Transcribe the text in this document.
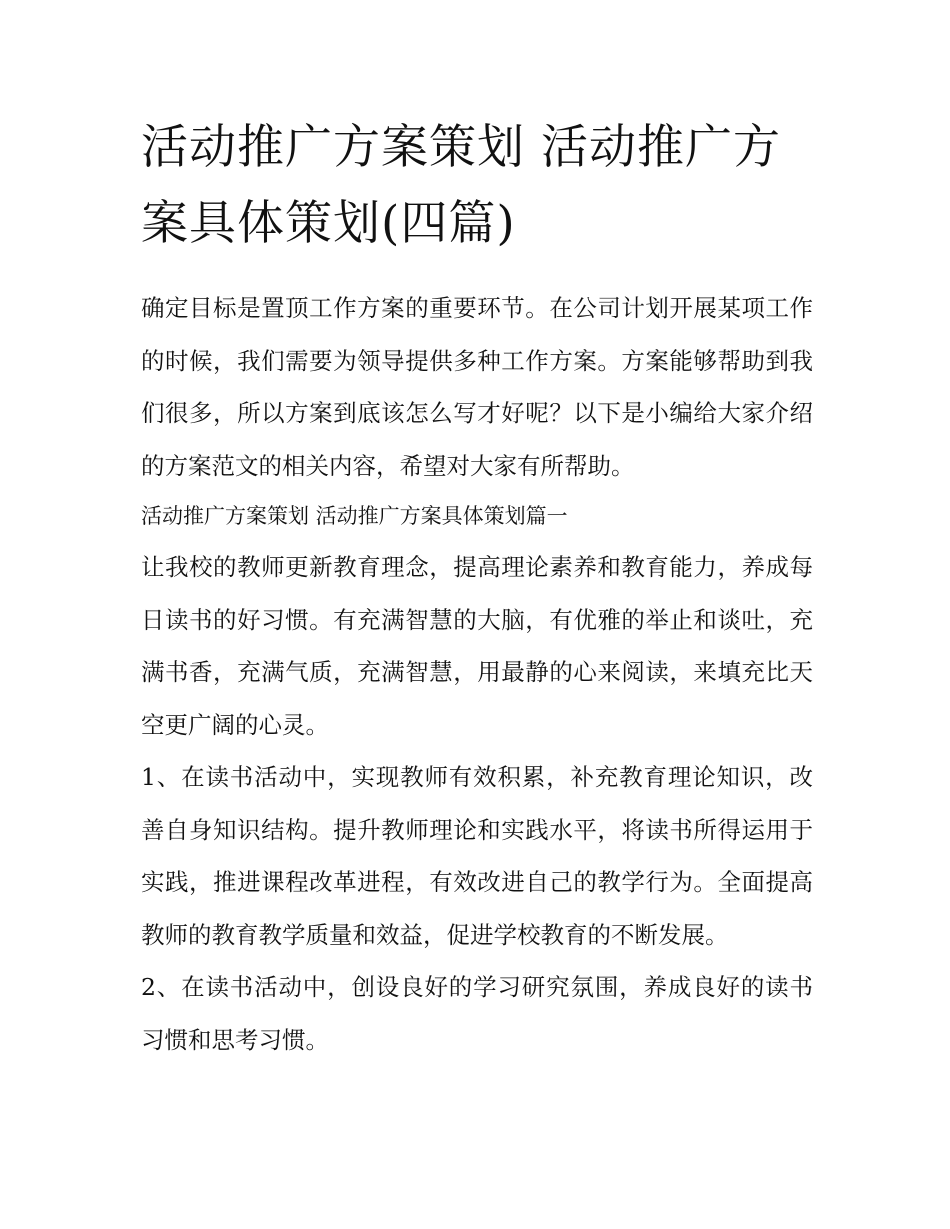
活动推广方案策划 活动推广方案具体策划(四篇)

确定目标是置顶工作方案的重要环节。在公司计划开展某项工作的时候，我们需要为领导提供多种工作方案。方案能够帮助到我们很多，所以方案到底该怎么写才好呢？以下是小编给大家介绍的方案范文的相关内容，希望对大家有所帮助。

活动推广方案策划 活动推广方案具体策划篇一

让我校的教师更新教育理念，提高理论素养和教育能力，养成每日读书的好习惯。有充满智慧的大脑，有优雅的举止和谈吐，充满书香，充满气质，充满智慧，用最静的心来阅读，来填充比天空更广阔的心灵。

1、在读书活动中，实现教师有效积累，补充教育理论知识，改善自身知识结构。提升教师理论和实践水平，将读书所得运用于实践，推进课程改革进程，有效改进自己的教学行为。全面提高教师的教育教学质量和效益，促进学校教育的不断发展。

2、在读书活动中，创设良好的学习研究氛围，养成良好的读书习惯和思考习惯。
